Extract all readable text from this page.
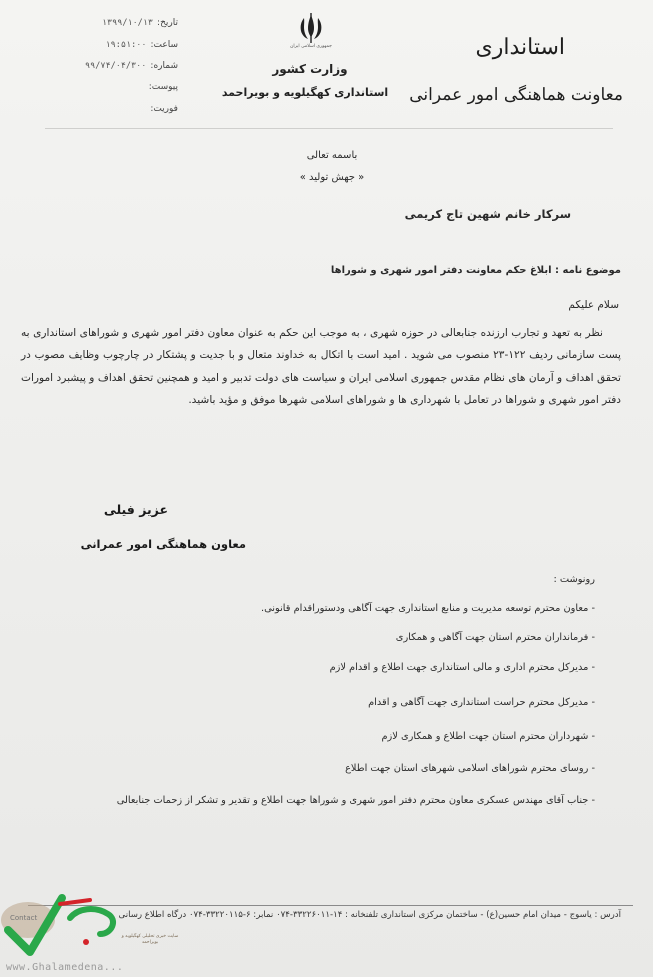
تاریخ:۱۳۹۹/۱۰/۱۳
ساعت:۱۹:۵۱:۰۰
شماره:۹۹/۷۴/۰۴/۳۰۰
پیوست:
فوریت:
جمهوری اسلامی ایران
وزارت کشور
استانداری کهگیلویه و بویراحمد
استانداری
معاونت هماهنگی امور عمرانی
باسمه تعالی
« جهش تولید »
سرکار خانم شهین تاج کریمی
موضوع نامه : ابلاغ حکم معاونت دفتر امور شهری و شوراها
سلام علیکم
نظر به تعهد و تجارب ارزنده جنابعالی در حوزه شهری ، به موجب این حکم به عنوان معاون دفتر امور شهری و شوراهای استانداری به پست سازمانی ردیف ۱۲۲-۲۳ منصوب می شوید . امید است با اتکال به خداوند متعال و با جدیت و پشتکار در چارچوب وظایف مصوب در تحقق اهداف و آرمان های نظام مقدس جمهوری اسلامی ایران و سیاست های دولت تدبیر و امید و همچنین تحقق اهداف و پیشبرد امورات دفتر امور شهری و شوراها در تعامل با شهرداری ها و شوراهای اسلامی شهرها موفق و مؤید باشید.
عزیز فیلی
معاون هماهنگی امور عمرانی
رونوشت :
- معاون محترم توسعه مدیریت و منابع استانداری جهت آگاهی ودستوراقدام قانونی.
- فرمانداران محترم استان جهت آگاهی و همکاری
- مدیرکل محترم اداری و مالی استانداری جهت اطلاع و اقدام لازم
- مدیرکل محترم حراست استانداری جهت آگاهی و اقدام
- شهرداران محترم استان جهت اطلاع و همکاری لازم
- روسای محترم شوراهای اسلامی شهرهای استان جهت اطلاع
- جناب آقای مهندس عسکری معاون محترم دفتر امور شهری و شوراها جهت اطلاع و تقدیر و تشکر از زحمات جنابعالی
آدرس : یاسوج - میدان امام حسین(ع) - ساختمان مرکزی استانداری تلفنخانه : ۱۴-۳۳۲۲۶۰۱۱-۰۷۴ نمابر: ۶-۳۳۲۲۰۱۱۵-۰۷۴ درگاه اطلاع رسانی
Contact
سایت خبری تحلیلی کهگیلویه و بویراحمد
www.Ghalamedena...
